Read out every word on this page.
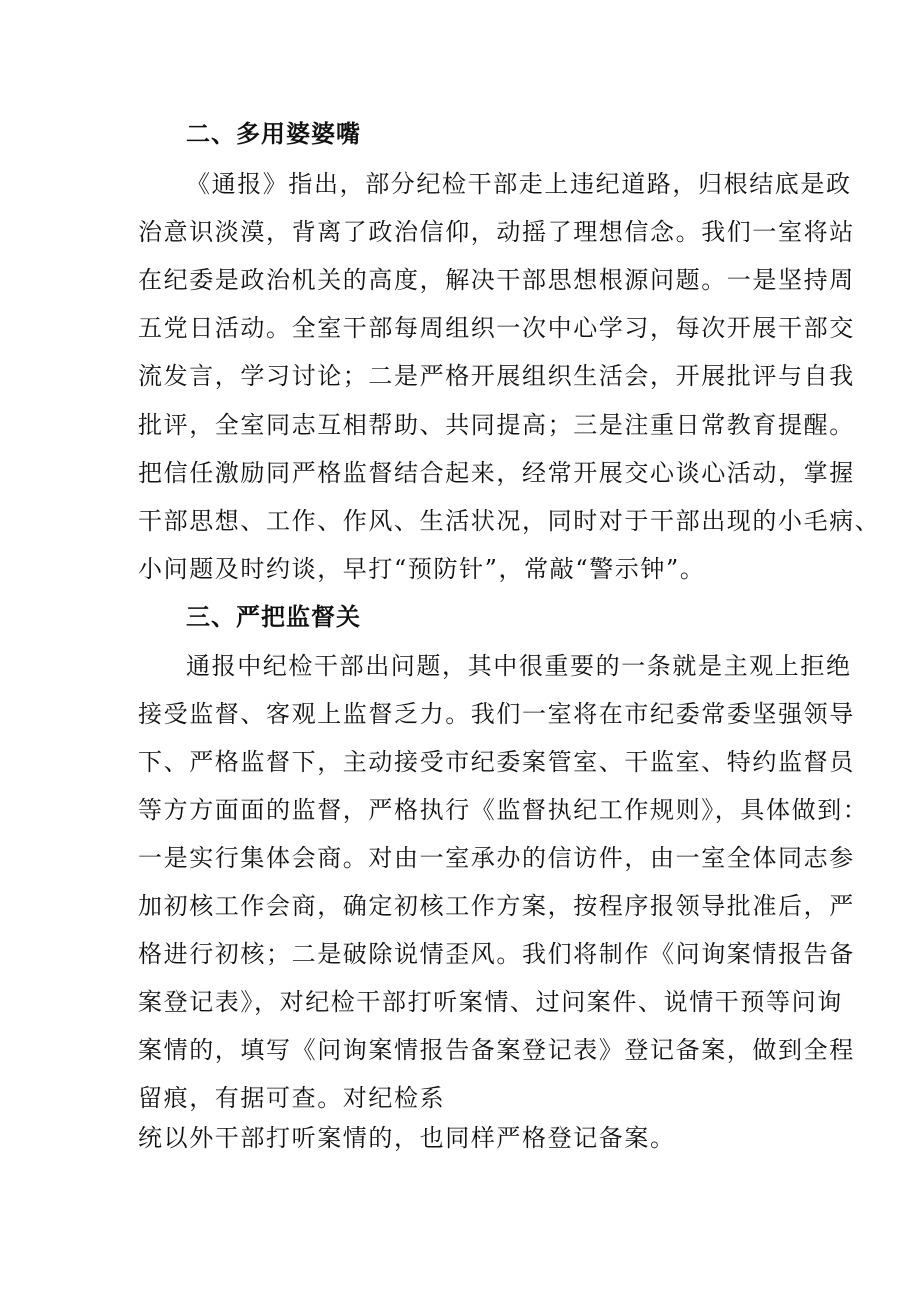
二、多用婆婆嘴
《通报》指出，部分纪检干部走上违纪道路，归根结底是政
治意识淡漠，背离了政治信仰，动摇了理想信念。我们一室将站
在纪委是政治机关的高度，解决干部思想根源问题。一是坚持周
五党日活动。全室干部每周组织一次中心学习，每次开展干部交
流发言，学习讨论；二是严格开展组织生活会，开展批评与自我
批评，全室同志互相帮助、共同提高；三是注重日常教育提醒。
把信任激励同严格监督结合起来，经常开展交心谈心活动，掌握
干部思想、工作、作风、生活状况，同时对于干部出现的小毛病、
小问题及时约谈，早打“预防针”，常敲“警示钟”。
三、严把监督关
通报中纪检干部出问题，其中很重要的一条就是主观上拒绝
接受监督、客观上监督乏力。我们一室将在市纪委常委坚强领导
下、严格监督下，主动接受市纪委案管室、干监室、特约监督员
等方方面面的监督，严格执行《监督执纪工作规则》，具体做到：
一是实行集体会商。对由一室承办的信访件，由一室全体同志参
加初核工作会商，确定初核工作方案，按程序报领导批准后，严
格进行初核；二是破除说情歪风。我们将制作《问询案情报告备
案登记表》，对纪检干部打听案情、过问案件、说情干预等问询
案情的，填写《问询案情报告备案登记表》登记备案，做到全程
留痕，有据可查。对纪检系
统以外干部打听案情的，也同样严格登记备案。
